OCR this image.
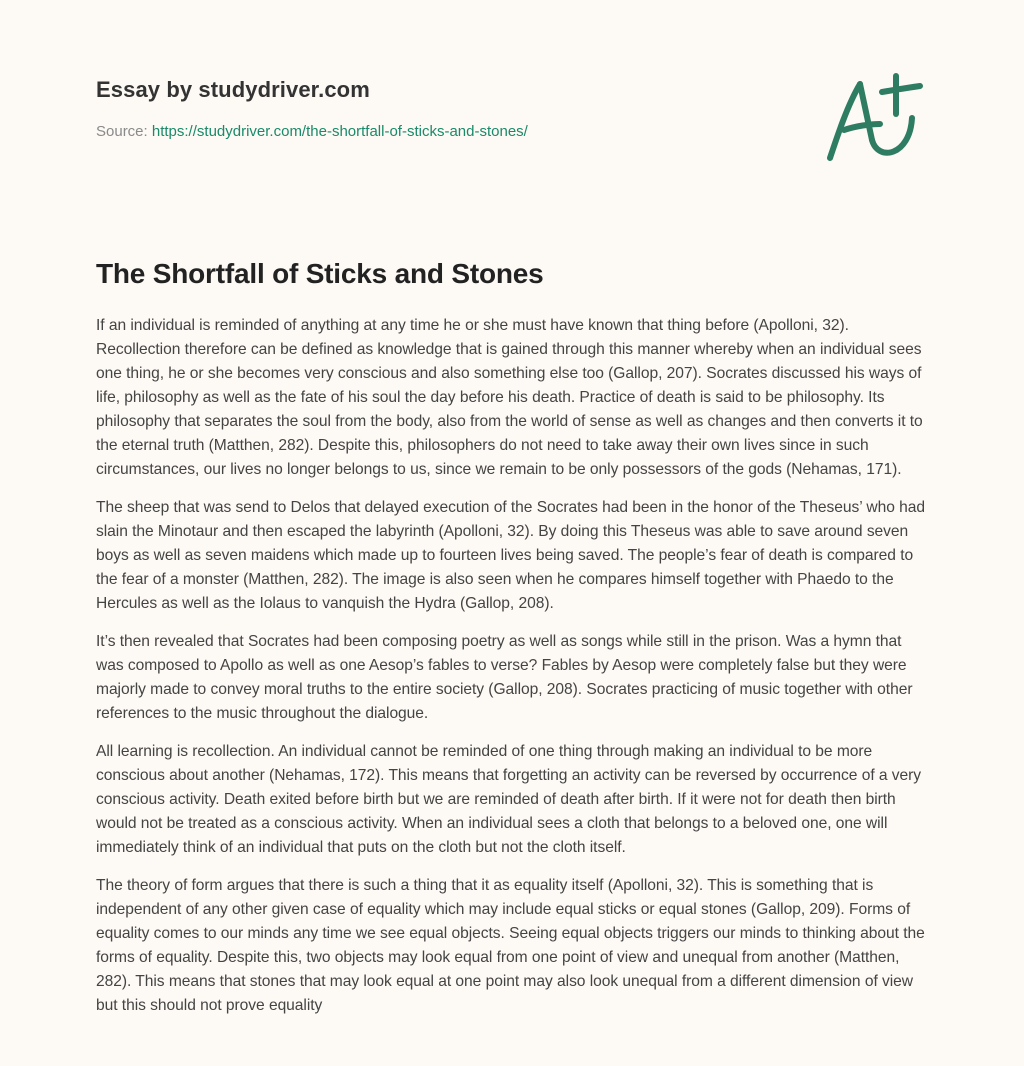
Essay by studydriver.com
Source: https://studydriver.com/the-shortfall-of-sticks-and-stones/
The Shortfall of Sticks and Stones

If an individual is reminded of anything at any time he or she must have known that thing before (Apolloni, 32). Recollection therefore can be defined as knowledge that is gained through this manner whereby when an individual sees one thing, he or she becomes very conscious and also something else too (Gallop, 207). Socrates discussed his ways of life, philosophy as well as the fate of his soul the day before his death. Practice of death is said to be philosophy. Its philosophy that separates the soul from the body, also from the world of sense as well as changes and then converts it to the eternal truth (Matthen, 282). Despite this, philosophers do not need to take away their own lives since in such circumstances, our lives no longer belongs to us, since we remain to be only possessors of the gods (Nehamas, 171).

The sheep that was send to Delos that delayed execution of the Socrates had been in the honor of the Theseus’ who had slain the Minotaur and then escaped the labyrinth (Apolloni, 32). By doing this Theseus was able to save around seven boys as well as seven maidens which made up to fourteen lives being saved. The people’s fear of death is compared to the fear of a monster (Matthen, 282). The image is also seen when he compares himself together with Phaedo to the Hercules as well as the Iolaus to vanquish the Hydra (Gallop, 208).

It’s then revealed that Socrates had been composing poetry as well as songs while still in the prison. Was a hymn that was composed to Apollo as well as one Aesop’s fables to verse? Fables by Aesop were completely false but they were majorly made to convey moral truths to the entire society (Gallop, 208). Socrates practicing of music together with other references to the music throughout the dialogue.

All learning is recollection. An individual cannot be reminded of one thing through making an individual to be more conscious about another (Nehamas, 172). This means that forgetting an activity can be reversed by occurrence of a very conscious activity. Death exited before birth but we are reminded of death after birth. If it were not for death then birth would not be treated as a conscious activity. When an individual sees a cloth that belongs to a beloved one, one will immediately think of an individual that puts on the cloth but not the cloth itself.

The theory of form argues that there is such a thing that it as equality itself (Apolloni, 32). This is something that is independent of any other given case of equality which may include equal sticks or equal stones (Gallop, 209). Forms of equality comes to our minds any time we see equal objects. Seeing equal objects triggers our minds to thinking about the forms of equality. Despite this, two objects may look equal from one point of view and unequal from another (Matthen, 282). This means that stones that may look equal at one point may also look unequal from a different dimension of view but this should not prove equality
